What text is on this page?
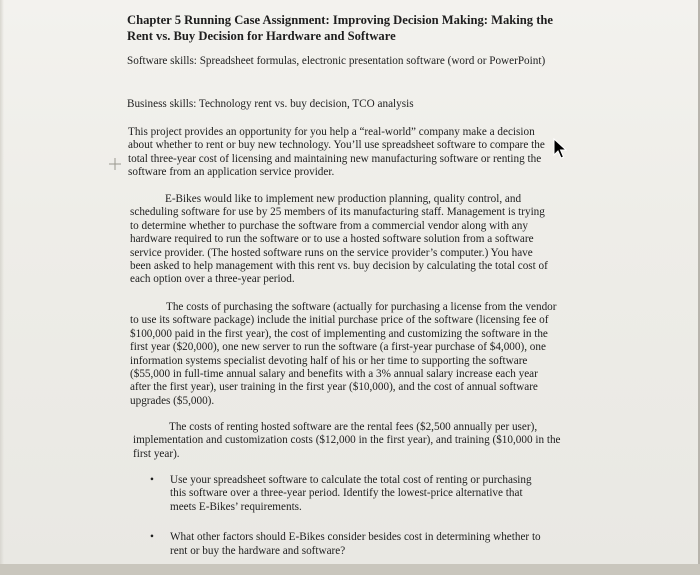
Chapter 5 Running Case Assignment: Improving Decision Making: Making the Rent vs. Buy Decision for Hardware and Software

Software skills: Spreadsheet formulas, electronic presentation software (word or PowerPoint)

Business skills: Technology rent vs. buy decision, TCO analysis

This project provides an opportunity for you help a “real-world” company make a decision about whether to rent or buy new technology. You’ll use spreadsheet software to compare the total three-year cost of licensing and maintaining new manufacturing software or renting the software from an application service provider.

E-Bikes would like to implement new production planning, quality control, and scheduling software for use by 25 members of its manufacturing staff. Management is trying to determine whether to purchase the software from a commercial vendor along with any hardware required to run the software or to use a hosted software solution from a software service provider. (The hosted software runs on the service provider’s computer.) You have been asked to help management with this rent vs. buy decision by calculating the total cost of each option over a three-year period.

The costs of purchasing the software (actually for purchasing a license from the vendor to use its software package) include the initial purchase price of the software (licensing fee of $100,000 paid in the first year), the cost of implementing and customizing the software in the first year ($20,000), one new server to run the software (a first-year purchase of $4,000), one information systems specialist devoting half of his or her time to supporting the software ($55,000 in full-time annual salary and benefits with a 3% annual salary increase each year after the first year), user training in the first year ($10,000), and the cost of annual software upgrades ($5,000).

The costs of renting hosted software are the rental fees ($2,500 annually per user), implementation and customization costs ($12,000 in the first year), and training ($10,000 in the first year).

• Use your spreadsheet software to calculate the total cost of renting or purchasing this software over a three-year period. Identify the lowest-price alternative that meets E-Bikes’ requirements.
• What other factors should E-Bikes consider besides cost in determining whether to rent or buy the hardware and software?
